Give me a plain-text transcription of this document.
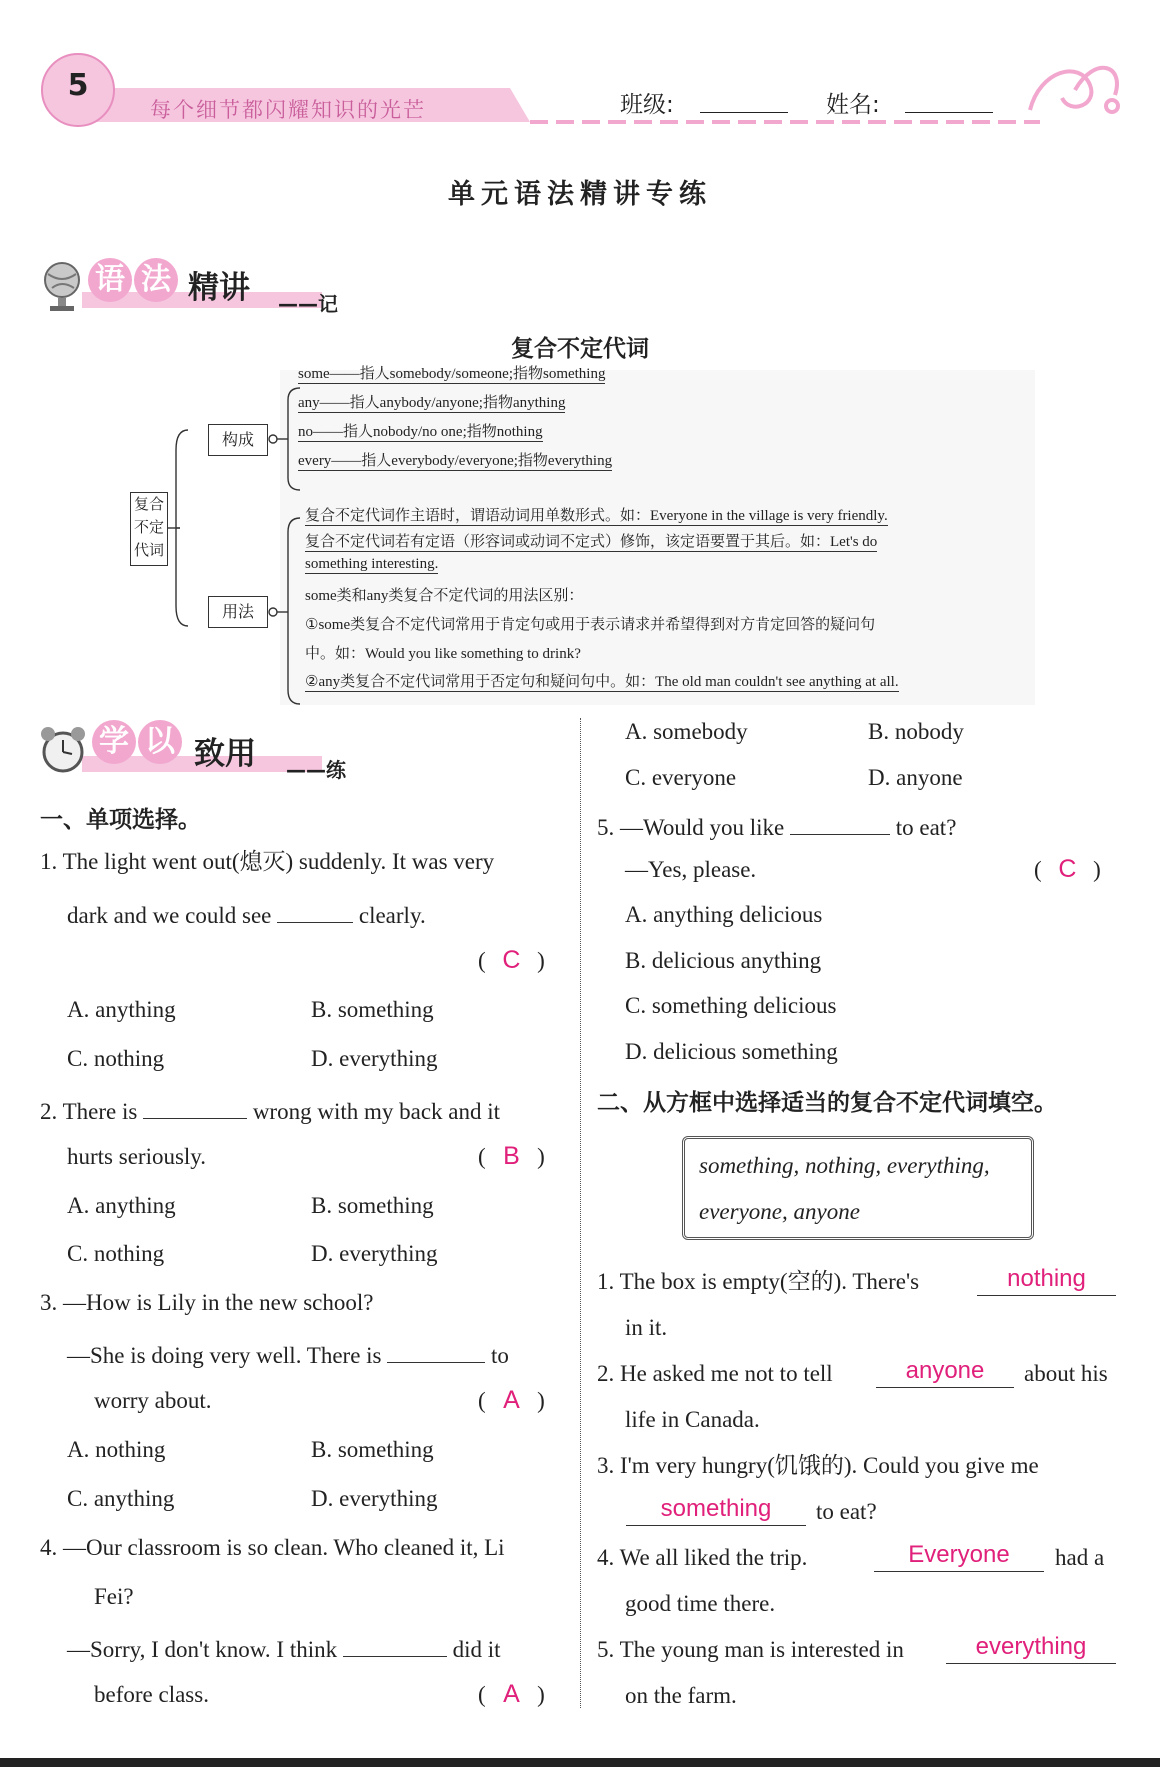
5
每个细节都闪耀知识的光芒	班级:	姓名:
单元语法精讲专练
语 法 精讲 ——记
复合不定代词
复合
不定
代词
构成
用法
some——指人somebody/someone;指物something
any——指人anybody/anyone;指物anything
no——指人nobody/no one;指物nothing
every——指人everybody/everyone;指物everything
复合不定代词作主语时，谓语动词用单数形式。如：Everyone in the village is very friendly.
复合不定代词若有定语（形容词或动词不定式）修饰，该定语要置于其后。如：Let's do
something interesting.
some类和any类复合不定代词的用法区别：
①some类复合不定代词常用于肯定句或用于表示请求并希望得到对方肯定回答的疑问句
中。如：Would you like something to drink?
②any类复合不定代词常用于否定句和疑问句中。如：The old man couldn't see anything at all.
学 以 致用 ——练
一、单项选择。
1. The light went out(熄灭) suddenly. It was very
dark and we could see	clearly.
( C )
A. anything	B. something
C. nothing	D. everything
2. There is	wrong with my back and it
hurts seriously.	( B )
A. anything	B. something
C. nothing	D. everything
3. —How is Lily in the new school?
—She is doing very well. There is	to
worry about.	( A )
A. nothing	B. something
C. anything	D. everything
4. —Our classroom is so clean. Who cleaned it, Li
Fei?
—Sorry, I don't know. I think	did it
before class.	( A )
A. somebody	B. nobody
C. everyone	D. anyone
5. —Would you like	to eat?
—Yes, please.	( C )
A. anything delicious
B. delicious anything
C. something delicious
D. delicious something
二、从方框中选择适当的复合不定代词填空。
something, nothing, everything,
everyone, anyone
1. The box is empty(空的). There's	nothing
in it.
2. He asked me not to tell	anyone	about his
life in Canada.
3. I'm very hungry(饥饿的). Could you give me
something	to eat?
4. We all liked the trip.	Everyone	had a
good time there.
5. The young man is interested in	everything
on the farm.
